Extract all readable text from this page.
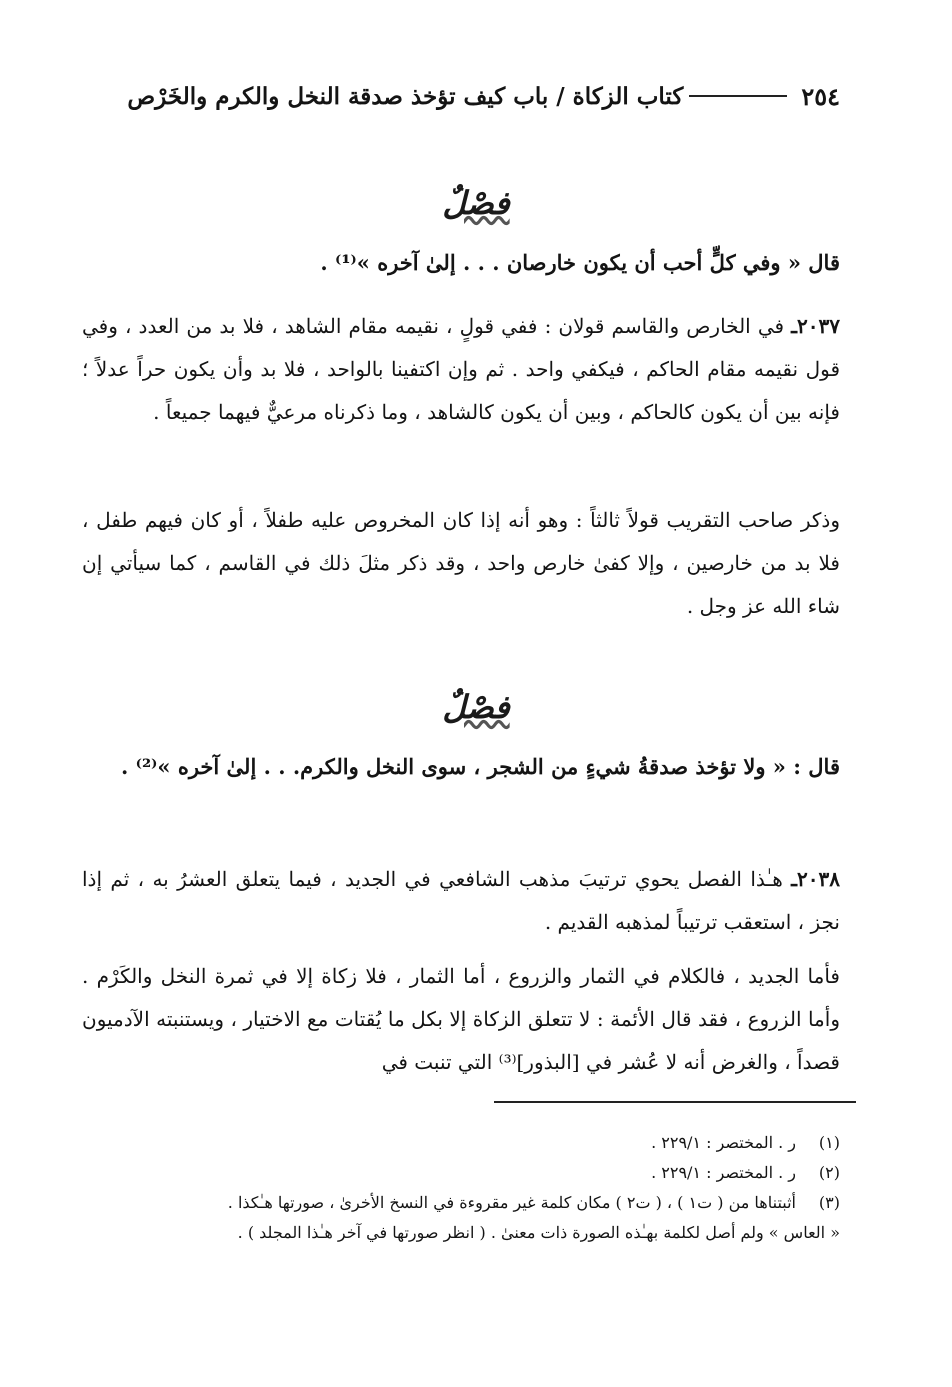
٢٥٤
كتاب الزكاة / باب كيف تؤخذ صدقة النخل والكرم والخَرْص
فصْلٌ
قال « وفي كلٍّ أحب أن يكون خارصان . . . إلىٰ آخره »⁽¹⁾ .
٢٠٣٧ـ في الخارص والقاسم قولان : ففي قولٍ ، نقيمه مقام الشاهد ، فلا بد من العدد ، وفي قول نقيمه مقام الحاكم ، فيكفي واحد . ثم وإن اكتفينا بالواحد ، فلا بد وأن يكون حراً عدلاً ؛ فإنه بين أن يكون كالحاكم ، وبين أن يكون كالشاهد ، وما ذكرناه مرعيٌّ فيهما جميعاً .
وذكر صاحب التقريب قولاً ثالثاً : وهو أنه إذا كان المخروص عليه طفلاً ، أو كان فيهم طفل ، فلا بد من خارصين ، وإلا كفىٰ خارص واحد ، وقد ذكر مثلَ ذلك في القاسم ، كما سيأتي إن شاء الله عز وجل .
فصْلٌ
قال : « ولا تؤخذ صدقةُ شيءٍ من الشجر ، سوى النخل والكرم. . . إلىٰ آخره »⁽²⁾ .
٢٠٣٨ـ هـٰذا الفصل يحوي ترتيبَ مذهب الشافعي في الجديد ، فيما يتعلق العشرُ به ، ثم إذا نجز ، استعقب ترتيباً لمذهبه القديم .
فأما الجديد ، فالكلام في الثمار والزروع ، أما الثمار ، فلا زكاة إلا في ثمرة النخل والكَرْم . وأما الزروع ، فقد قال الأئمة : لا تتعلق الزكاة إلا بكل ما يُقتات مع الاختيار ، ويستنبته الآدميون قصداً ، والغرض أنه لا عُشر في [البذور]⁽³⁾ التي تنبت في
(١)
ر . المختصر : ٢٢٩/١ .
(٢)
ر . المختصر : ٢٢٩/١ .
(٣)
أثبتناها من ( ت١ ) ، ( ت٢ ) مكان كلمة غير مقروءة في النسخ الأخرىٰ ، صورتها هـٰكذا .
« العاس » ولم أصل لكلمة بهـٰذه الصورة ذات معنىٰ . ( انظر صورتها في آخر هـٰذا المجلد ) .
